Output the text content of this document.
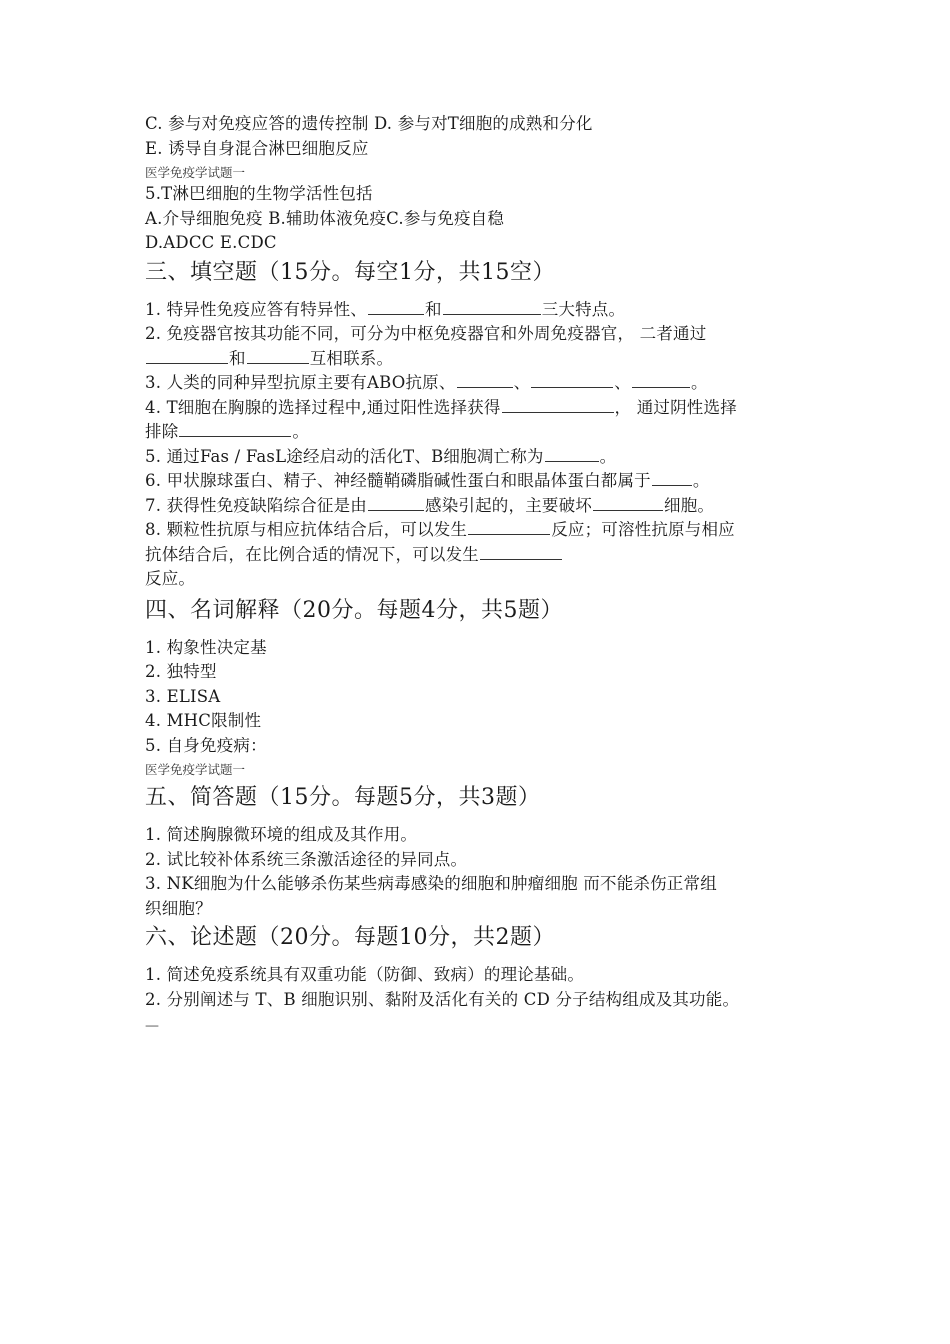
C. 参与对免疫应答的遗传控制 D. 参与对T细胞的成熟和分化
E. 诱导自身混合淋巴细胞反应
医学免疫学试题一
5.T淋巴细胞的生物学活性包括
A.介导细胞免疫 B.辅助体液免疫C.参与免疫自稳
D.ADCC E.CDC
三、填空题（15分。每空1分，共15空）
1. 特异性免疫应答有特异性、	和	三大特点。
2. 免疫器官按其功能不同，可分为中枢免疫器官和外周免疫器官， 二者通过
和	互相联系。
3. 人类的同种异型抗原主要有ABO抗原、	、	、	。
4. T细胞在胸腺的选择过程中,通过阳性选择获得	， 通过阴性选择
排除	。
5. 通过Fas / FasL途经启动的活化T、B细胞凋亡称为	。
6. 甲状腺球蛋白、精子、神经髓鞘磷脂碱性蛋白和眼晶体蛋白都属于	。
7. 获得性免疫缺陷综合征是由	感染引起的，主要破坏	细胞。
8. 颗粒性抗原与相应抗体结合后，可以发生	反应；可溶性抗原与相应
抗体结合后，在比例合适的情况下，可以发生
反应。
四、名词解释（20分。每题4分，共5题）
1. 构象性决定基
2. 独特型
3. ELISA
4. MHC限制性
5. 自身免疫病：
医学免疫学试题一
五、简答题（15分。每题5分，共3题）
1. 简述胸腺微环境的组成及其作用。
2. 试比较补体系统三条激活途径的异同点。
3. NK细胞为什么能够杀伤某些病毒感染的细胞和肿瘤细胞 而不能杀伤正常组
织细胞？
六、论述题（20分。每题10分，共2题）
1. 简述免疫系统具有双重功能（防御、致病）的理论基础。
2. 分别阐述与 T、B 细胞识别、黏附及活化有关的 CD 分子结构组成及其功能。
—
